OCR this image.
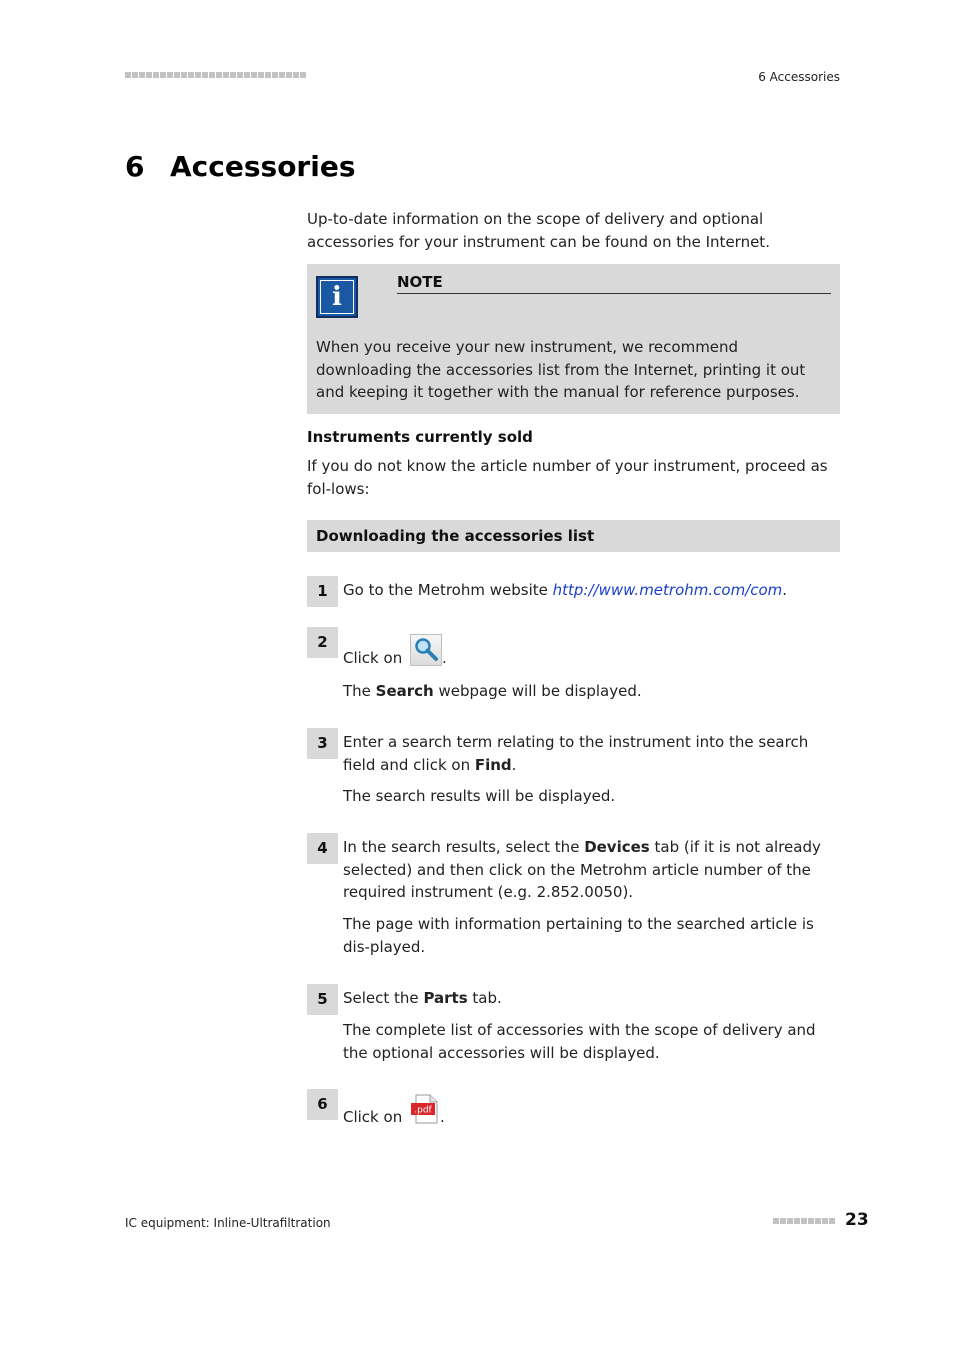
6 Accessories
6 Accessories
Up-to-date information on the scope of delivery and optional accessories for your instrument can be found on the Internet.
i	NOTE
When you receive your new instrument, we recommend downloading the accessories list from the Internet, printing it out and keeping it together with the manual for reference purposes.
Instruments currently sold
If you do not know the article number of your instrument, proceed as fol-lows:
Downloading the accessories list
1	Go to the Metrohm website http://www.metrohm.com/com.
2
Click on .
The Search webpage will be displayed.
3	Enter a search term relating to the instrument into the search field and click on Find.
The search results will be displayed.
4	In the search results, select the Devices tab (if it is not already selected) and then click on the Metrohm article number of the required instrument (e.g. 2.852.0050).
The page with information pertaining to the searched article is dis-played.
5	Select the Parts tab.
The complete list of accessories with the scope of delivery and the optional accessories will be displayed.
6
Click on .pdf .
IC equipment: Inline-Ultrafiltration	23
